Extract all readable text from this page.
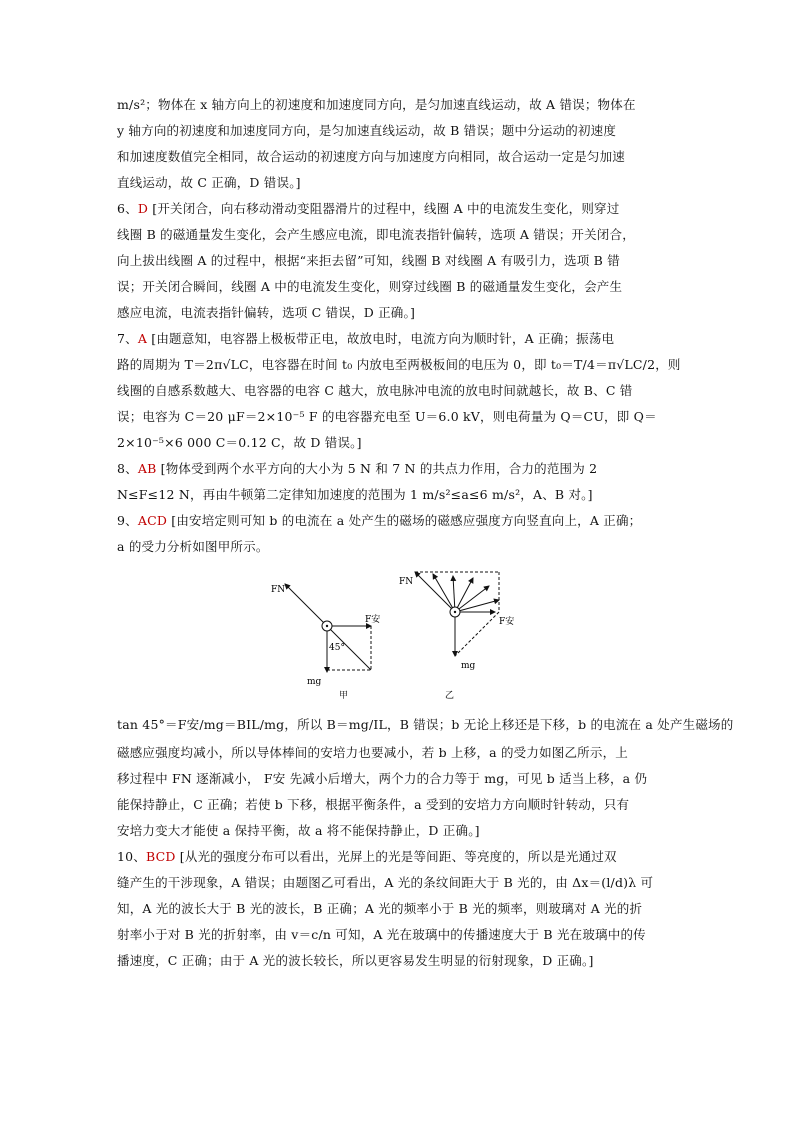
m/s²；物体在 x 轴方向上的初速度和加速度同方向，是匀加速直线运动，故 A 错误；物体在
y 轴方向的初速度和加速度同方向，是匀加速直线运动，故 B 错误；题中分运动的初速度
和加速度数值完全相同，故合运动的初速度方向与加速度方向相同，故合运动一定是匀加速
直线运动，故 C 正确，D 错误。]
6、D [开关闭合，向右移动滑动变阻器滑片的过程中，线圈 A 中的电流发生变化，则穿过
线圈 B 的磁通量发生变化，会产生感应电流，即电流表指针偏转，选项 A 错误；开关闭合，
向上拔出线圈 A 的过程中，根据“来拒去留”可知，线圈 B 对线圈 A 有吸引力，选项 B 错
误；开关闭合瞬间，线圈 A 中的电流发生变化，则穿过线圈 B 的磁通量发生变化，会产生
感应电流，电流表指针偏转，选项 C 错误，D 正确。]
7、A [由题意知，电容器上极板带正电，故放电时，电流方向为顺时针，A 正确；振荡电
路的周期为 T＝2π√LC，电容器在时间 t₀ 内放电至两极板间的电压为 0，即 t₀＝T/4＝π√LC/2，则
线圈的自感系数越大、电容器的电容 C 越大，放电脉冲电流的放电时间就越长，故 B、C 错
误；电容为 C＝20 μF＝2×10⁻⁵ F 的电容器充电至 U＝6.0 kV，则电荷量为 Q＝CU，即 Q＝
2×10⁻⁵×6 000 C＝0.12 C，故 D 错误。]
8、AB [物体受到两个水平方向的大小为 5 N 和 7 N 的共点力作用，合力的范围为 2
N≤F≤12 N，再由牛顿第二定律知加速度的范围为 1 m/s²≤a≤6 m/s²，A、B 对。]
9、ACD [由安培定则可知 b 的电流在 a 处产生的磁场的磁感应强度方向竖直向上，A 正确；
a 的受力分析如图甲所示。
FN
F安
45°
mg
甲
FN
F安
mg
乙
tan 45°＝F安/mg＝BIL/mg，所以 B＝mg/IL，B 错误；b 无论上移还是下移，b 的电流在 a 处产生磁场的
磁感应强度均减小，所以导体棒间的安培力也要减小，若 b 上移，a 的受力如图乙所示，上
移过程中 FN 逐渐减小， F安 先减小后增大，两个力的合力等于 mg，可见 b 适当上移，a 仍
能保持静止，C 正确；若使 b 下移，根据平衡条件，a 受到的安培力方向顺时针转动，只有
安培力变大才能使 a 保持平衡，故 a 将不能保持静止，D 正确。]
10、BCD [从光的强度分布可以看出，光屏上的光是等间距、等亮度的，所以是光通过双
缝产生的干涉现象，A 错误；由题图乙可看出，A 光的条纹间距大于 B 光的，由 Δx＝(l/d)λ 可
知，A 光的波长大于 B 光的波长，B 正确；A 光的频率小于 B 光的频率，则玻璃对 A 光的折
射率小于对 B 光的折射率，由 v＝c/n 可知，A 光在玻璃中的传播速度大于 B 光在玻璃中的传
播速度，C 正确；由于 A 光的波长较长，所以更容易发生明显的衍射现象，D 正确。]
